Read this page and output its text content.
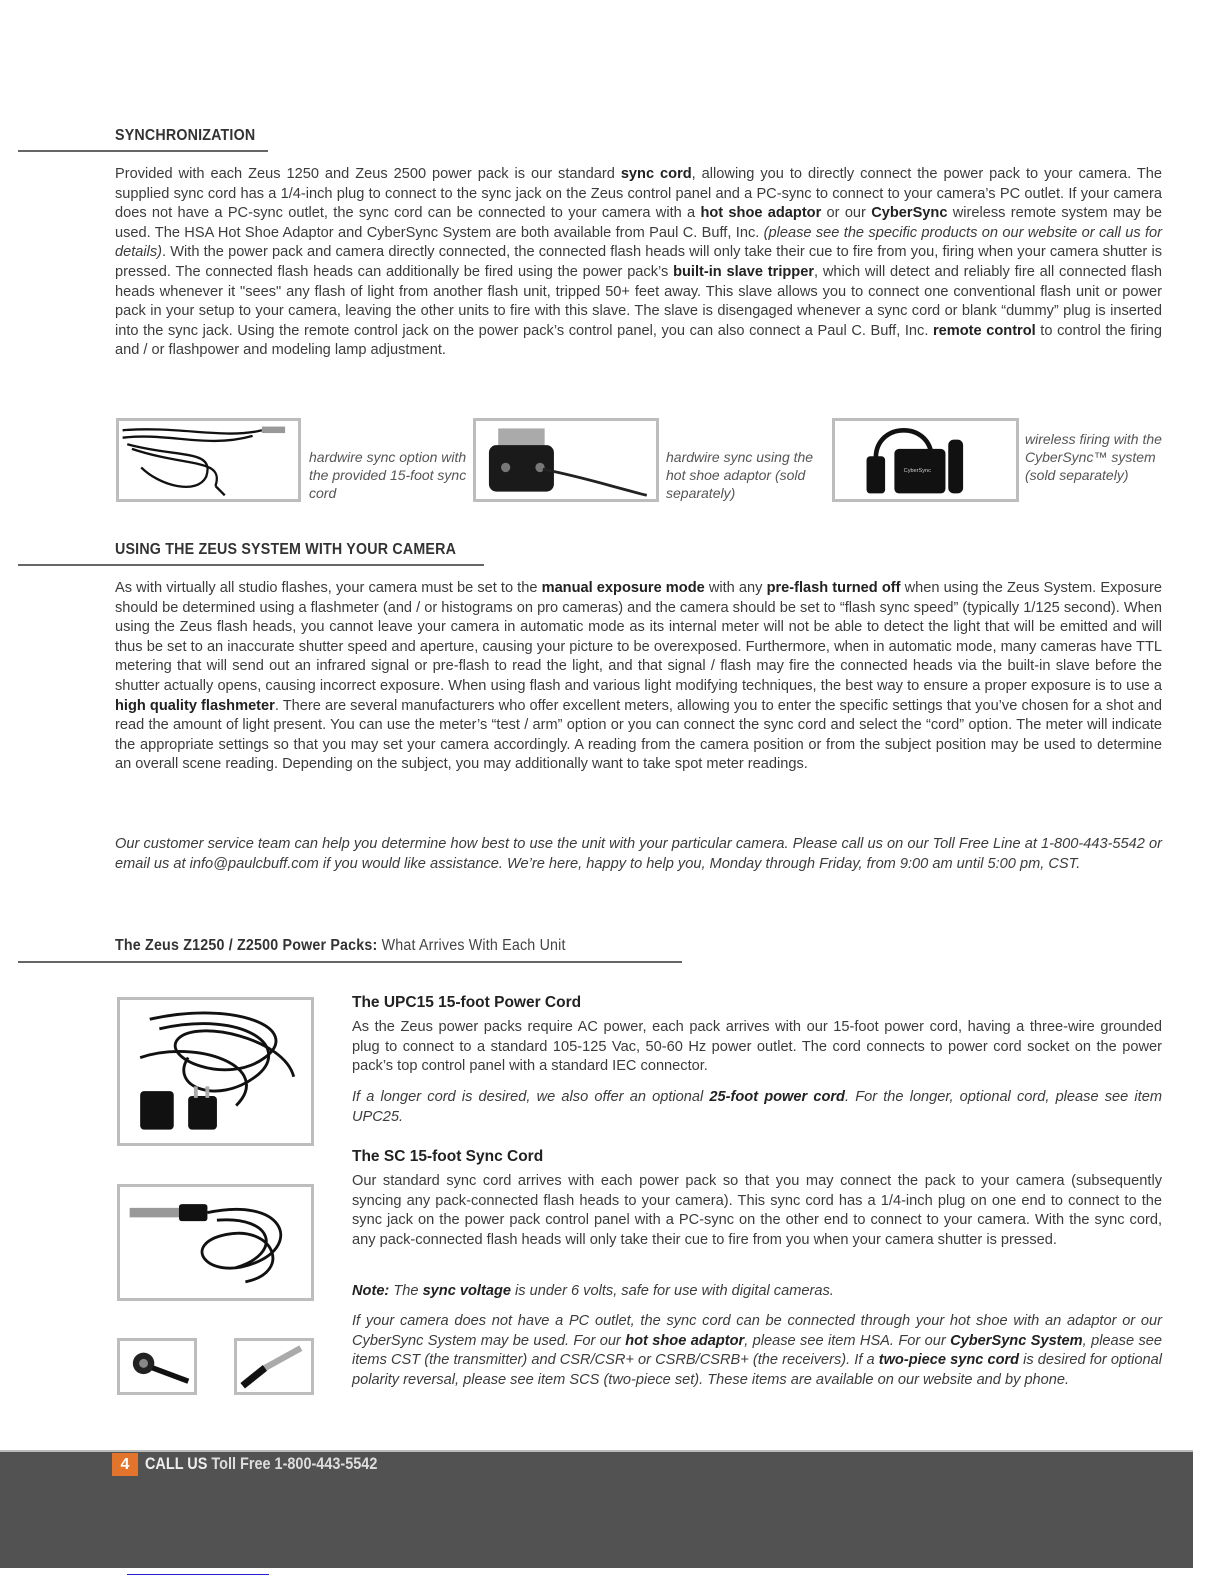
SYNCHRONIZATION
Provided with each Zeus 1250 and Zeus 2500 power pack is our standard sync cord, allowing you to directly connect the power pack to your camera. The supplied sync cord has a 1/4-inch plug to connect to the sync jack on the Zeus control panel and a PC-sync to connect to your camera’s PC outlet. If your camera does not have a PC-sync outlet, the sync cord can be connected to your camera with a hot shoe adaptor or our CyberSync wireless remote system may be used. The HSA Hot Shoe Adaptor and CyberSync System are both available from Paul C. Buff, Inc. (please see the specific products on our website or call us for details). With the power pack and camera directly connected, the connected flash heads will only take their cue to fire from you, firing when your camera shutter is pressed. The connected flash heads can additionally be fired using the power pack’s built-in slave tripper, which will detect and reliably fire all connected flash heads whenever it "sees" any flash of light from another flash unit, tripped 50+ feet away. This slave allows you to connect one conventional flash unit or power pack in your setup to your camera, leaving the other units to fire with this slave. The slave is disengaged whenever a sync cord or blank “dummy” plug is inserted into the sync jack. Using the remote control jack on the power pack’s control panel, you can also connect a Paul C. Buff, Inc. remote control to control the firing and / or flashpower and modeling lamp adjustment.
hardwire sync option with the provided 15-foot sync cord
hardwire sync using the hot shoe adaptor (sold separately)
CyberSync
wireless firing with the CyberSync™ system (sold separately)
USING THE ZEUS SYSTEM WITH YOUR CAMERA
As with virtually all studio flashes, your camera must be set to the manual exposure mode with any pre-flash turned off when using the Zeus System. Exposure should be determined using a flashmeter (and / or histograms on pro cameras) and the camera should be set to “flash sync speed” (typically 1/125 second). When using the Zeus flash heads, you cannot leave your camera in automatic mode as its internal meter will not be able to detect the light that will be emitted and will thus be set to an inaccurate shutter speed and aperture, causing your picture to be overexposed. Furthermore, when in automatic mode, many cameras have TTL metering that will send out an infrared signal or pre-flash to read the light, and that signal / flash may fire the connected heads via the built-in slave before the shutter actually opens, causing incorrect exposure. When using flash and various light modifying techniques, the best way to ensure a proper exposure is to use a high quality flashmeter. There are several manufacturers who offer excellent meters, allowing you to enter the specific settings that you’ve chosen for a shot and read the amount of light present. You can use the meter’s “test / arm” option or you can connect the sync cord and select the “cord” option. The meter will indicate the appropriate settings so that you may set your camera accordingly. A reading from the camera position or from the subject position may be used to determine an overall scene reading. Depending on the subject, you may additionally want to take spot meter readings.
Our customer service team can help you determine how best to use the unit with your particular camera. Please call us on our Toll Free Line at 1-800-443-5542 or email us at info@paulcbuff.com if you would like assistance. We’re here, happy to help you, Monday through Friday, from 9:00 am until 5:00 pm, CST.
The Zeus Z1250 / Z2500 Power Packs: What Arrives With Each Unit
The UPC15 15-foot Power Cord
As the Zeus power packs require AC power, each pack arrives with our 15-foot power cord, having a three-wire grounded plug to connect to a standard 105-125 Vac, 50-60 Hz power outlet. The cord connects to power cord socket on the power pack’s top control panel with a standard IEC connector.
If a longer cord is desired, we also offer an optional 25-foot power cord. For the longer, optional cord, please see item UPC25.
The SC 15-foot Sync Cord
Our standard sync cord arrives with each power pack so that you may connect the pack to your camera (subsequently syncing any pack-connected flash heads to your camera). This sync cord has a 1/4-inch plug on one end to connect to the sync jack on the power pack control panel with a PC-sync on the other end to connect to your camera. With the sync cord, any pack-connected flash heads will only take their cue to fire from you when your camera shutter is pressed.
Note: The sync voltage is under 6 volts, safe for use with digital cameras.
If your camera does not have a PC outlet, the sync cord can be connected through your hot shoe with an adaptor or our CyberSync System may be used. For our hot shoe adaptor, please see item HSA. For our CyberSync System, please see items CST (the transmitter) and CSR/CSR+ or CSRB/CSRB+ (the receivers). If a two-piece sync cord is desired for optional polarity reversal, please see item SCS (two-piece set). These items are available on our website and by phone.
4 CALL US Toll Free 1-800-443-5542
